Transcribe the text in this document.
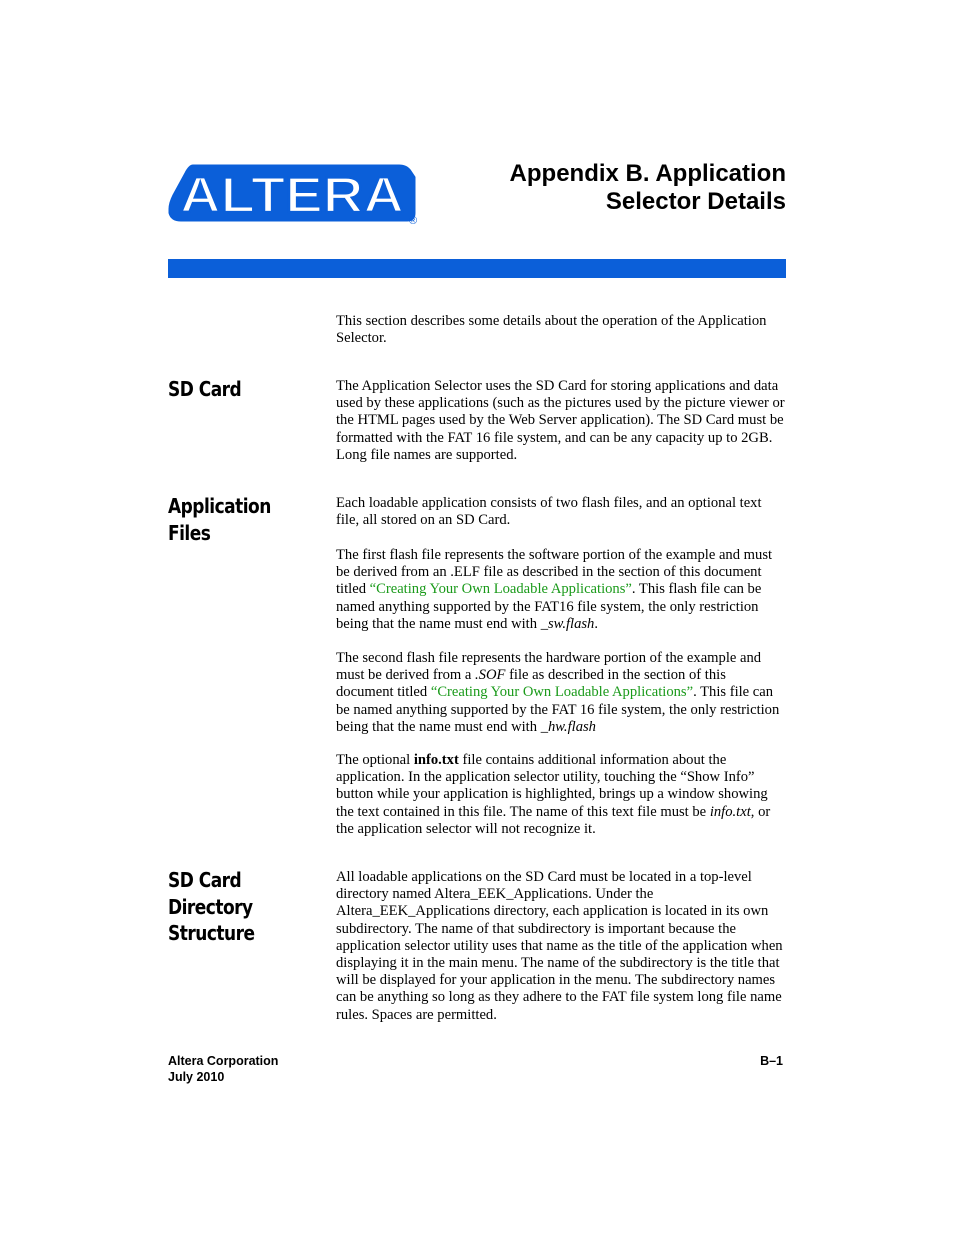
ALTERA ®
Appendix B. Application
Selector Details

This section describes some details about the operation of the Application Selector.

SD Card	The Application Selector uses the SD Card for storing applications and data used by these applications (such as the pictures used by the picture viewer or the HTML pages used by the Web Server application). The SD Card must be formatted with the FAT 16 file system, and can be any capacity up to 2GB. Long file names are supported.

Application Files

Each loadable application consists of two flash files, and an optional text file, all stored on an SD Card.

The first flash file represents the software portion of the example and must be derived from an .ELF file as described in the section of this document titled “Creating Your Own Loadable Applications”. This flash file can be named anything supported by the FAT16 file system, the only restriction being that the name must end with _sw.flash.

The second flash file represents the hardware portion of the example and must be derived from a .SOF file as described in the section of this document titled “Creating Your Own Loadable Applications”. This file can be named anything supported by the FAT 16 file system, the only restriction being that the name must end with _hw.flash

The optional info.txt file contains additional information about the application. In the application selector utility, touching the “Show Info” button while your application is highlighted, brings up a window showing the text contained in this file. The name of this text file must be info.txt, or the application selector will not recognize it.

SD Card
Directory
Structure

All loadable applications on the SD Card must be located in a top-level directory named Altera_EEK_Applications. Under the Altera_EEK_Applications directory, each application is located in its own subdirectory. The name of that subdirectory is important because the application selector utility uses that name as the title of the application when displaying it in the main menu. The name of the subdirectory is the title that will be displayed for your application in the menu. The subdirectory names can be anything so long as they adhere to the FAT file system long file name rules. Spaces are permitted.

Altera Corporation
July 2010
B–1
